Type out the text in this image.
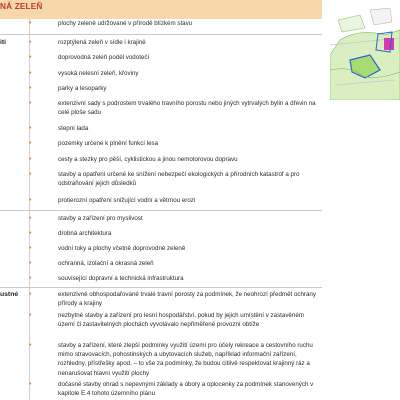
NÁ ZELEŇ
•	plochy zeleně udržované v přírodě blízkém stavu
iti	•	rozptýlená zeleň v sídle i krajině
•	doprovodná zeleň podél vodotečí
•	vysoká nelesní zeleň, křoviny
•	parky a lesoparky
•	extenzivní sady s podrostem trvalého travního porostu nebo jiných vytrvalých bylin a dřevin na celé ploše sadu
•	stepní lada
•	pozemky určené k plnění funkcí lesa
•	cesty a stezky pro pěší, cyklistickou a jinou nemotorovou dopravu
•	stavby a opatření určené ke snížení nebezpečí ekologických a přírodních katastrof a pro odstraňování jejich důsledků
•	protierozní opatření snižující vodní a větrnou erozi
•	stavby a zařízení pro myslivost
•	drobná architektura
•	vodní toky a plochy včetně doprovodné zeleně
•	ochranná, izolační a okrasná zeleň
•	související dopravní a technická infrastruktura
ustné •	extenzivně obhospodařované trvalé travní porosty za podmínek, že neohrozí předmět ochrany přírody a krajiny
•	nezbytné stavby a zařízení pro lesní hospodářství, pokud by jejich umístění v zastavěném území či zastavitelných plochách vyvolávalo nepřiměřené provozní obtíže
•	stavby a zařízení, které zlepší podmínky využití území pro účely rekreace a cestovního ruchu mimo stravovacích, pohostinských a ubytovacích služeb, například informační zařízení, rozhledny, přístřešky apod. – to vše za podmínky, že budou citlivě respektovat krajinný ráz a nenarušovat hlavní využití plochy
•	dočasné stavby ohrad s nepevnými základy a obory a oplocenky za podmínek stanovených v kapitole E.4 tohoto územního plánu
